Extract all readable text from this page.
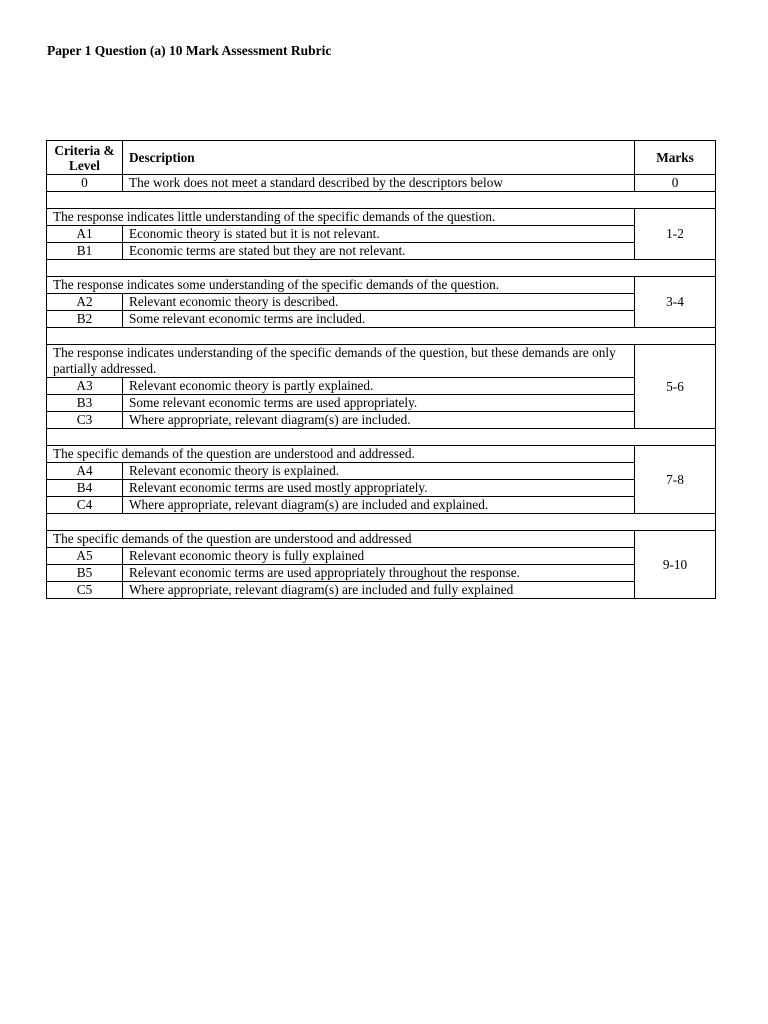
Paper 1 Question (a) 10 Mark Assessment Rubric
Criteria & Level	Description	Marks
0	The work does not meet a standard described by the descriptors below	0

The response indicates little understanding of the specific demands of the question.		1-2
A1	Economic theory is stated but it is not relevant.	
B1	Economic terms are stated but they are not relevant.	

The response indicates some understanding of the specific demands of the question.		3-4
A2	Relevant economic theory is described.	
B2	Some relevant economic terms are included.	

The response indicates understanding of the specific demands of the question, but these demands are only partially addressed.		5-6
A3	Relevant economic theory is partly explained.	
B3	Some relevant economic terms are used appropriately.	
C3	Where appropriate, relevant diagram(s) are included.	

The specific demands of the question are understood and addressed.		7-8
A4	Relevant economic theory is explained.	
B4	Relevant economic terms are used mostly appropriately.	
C4	Where appropriate, relevant diagram(s) are included and explained.	

The specific demands of the question are understood and addressed		9-10
A5	Relevant economic theory is fully explained	
B5	Relevant economic terms are used appropriately throughout the response.	
C5	Where appropriate, relevant diagram(s) are included and fully explained	
